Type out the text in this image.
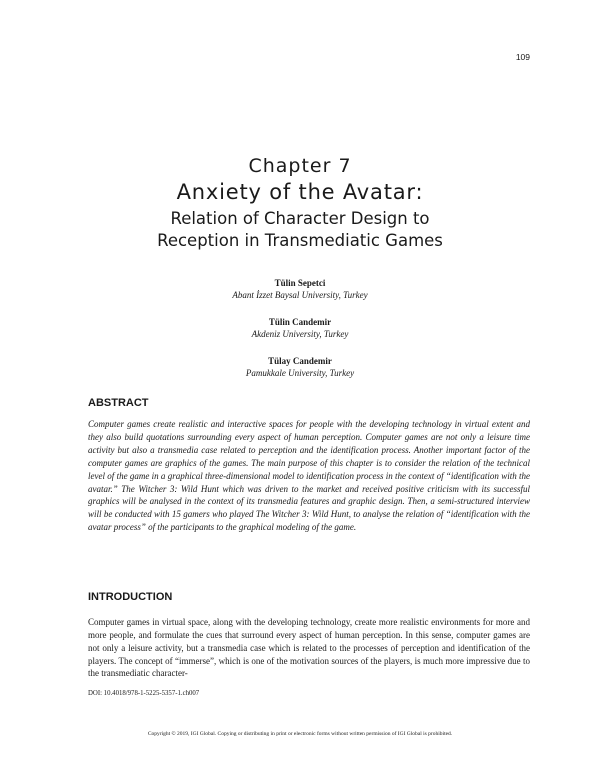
109
Chapter 7
Anxiety of the Avatar:
Relation of Character Design to
Reception in Transmediatic Games
Tülin Sepetci
Abant İzzet Baysal University, Turkey
Tülin Candemir
Akdeniz University, Turkey
Tülay Candemir
Pamukkale University, Turkey
ABSTRACT

Computer games create realistic and interactive spaces for people with the developing technology in virtual extent and they also build quotations surrounding every aspect of human perception. Computer games are not only a leisure time activity but also a transmedia case related to perception and the identification process. Another important factor of the computer games are graphics of the games. The main purpose of this chapter is to consider the relation of the technical level of the game in a graphical three-dimensional model to identification process in the context of “identification with the avatar.” The Witcher 3: Wild Hunt which was driven to the market and received positive criticism with its successful graphics will be analysed in the context of its transmedia features and graphic design. Then, a semi-structured interview will be conducted with 15 gamers who played The Witcher 3: Wild Hunt, to analyse the relation of “identification with the avatar process” of the participants to the graphical modeling of the game.

INTRODUCTION

Computer games in virtual space, along with the developing technology, create more realistic environments for more and more people, and formulate the cues that surround every aspect of human perception. In this sense, computer games are not only a leisure activity, but a transmedia case which is related to the processes of perception and identification of the players. The concept of “immerse”, which is one of the motivation sources of the players, is much more impressive due to the transmediatic character-

DOI: 10.4018/978-1-5225-5357-1.ch007
Copyright © 2019, IGI Global. Copying or distributing in print or electronic forms without written permission of IGI Global is prohibited.
